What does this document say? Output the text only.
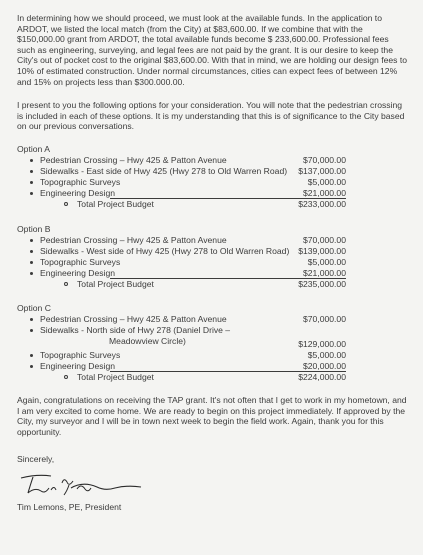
In determining how we should proceed, we must look at the available funds. In the application to ARDOT, we listed the local match (from the City) at $83,600.00. If we combine that with the $150,000.00 grant from ARDOT, the total available funds become $ 233,600.00. Professional fees such as engineering, surveying, and legal fees are not paid by the grant. It is our desire to keep the City's out of pocket cost to the original $83,600.00. With that in mind, we are holding our design fees to 10% of estimated construction. Under normal circumstances, cities can expect fees of between 12% and 15% on projects less than $300.000.00.

I present to you the following options for your consideration. You will note that the pedestrian crossing is included in each of these options. It is my understanding that this is of significance to the City based on our previous conversations.

Option A

Pedestrian Crossing – Hwy 425 & Patton Avenue	$70,000.00
Sidewalks - East side of Hwy 425 (Hwy 278 to Old Warren Road) $137,000.00
Topographic Surveys	$5,000.00
Engineering Design	$21,000.00
Total Project Budget	$233,000.00

Option B

Pedestrian Crossing – Hwy 425 & Patton Avenue	$70,000.00
Sidewalks - West side of Hwy 425 (Hwy 278 to Old Warren Road) $139,000.00
Topographic Surveys	$5,000.00
Engineering Design	$21,000.00
Total Project Budget	$235,000.00

Option C

Pedestrian Crossing – Hwy 425 & Patton Avenue	$70,000.00
Sidewalks - North side of Hwy 278 (Daniel Drive –
Meadowview Circle)	$129,000.00
Topographic Surveys	$5,000.00
Engineering Design	$20,000.00
Total Project Budget	$224,000.00

Again, congratulations on receiving the TAP grant. It's not often that I get to work in my hometown, and I am very excited to come home. We are ready to begin on this project immediately. If approved by the City, my surveyor and I will be in town next week to begin the field work. Again, thank you for this opportunity.

Sincerely,

Tim Lemons, PE, President
